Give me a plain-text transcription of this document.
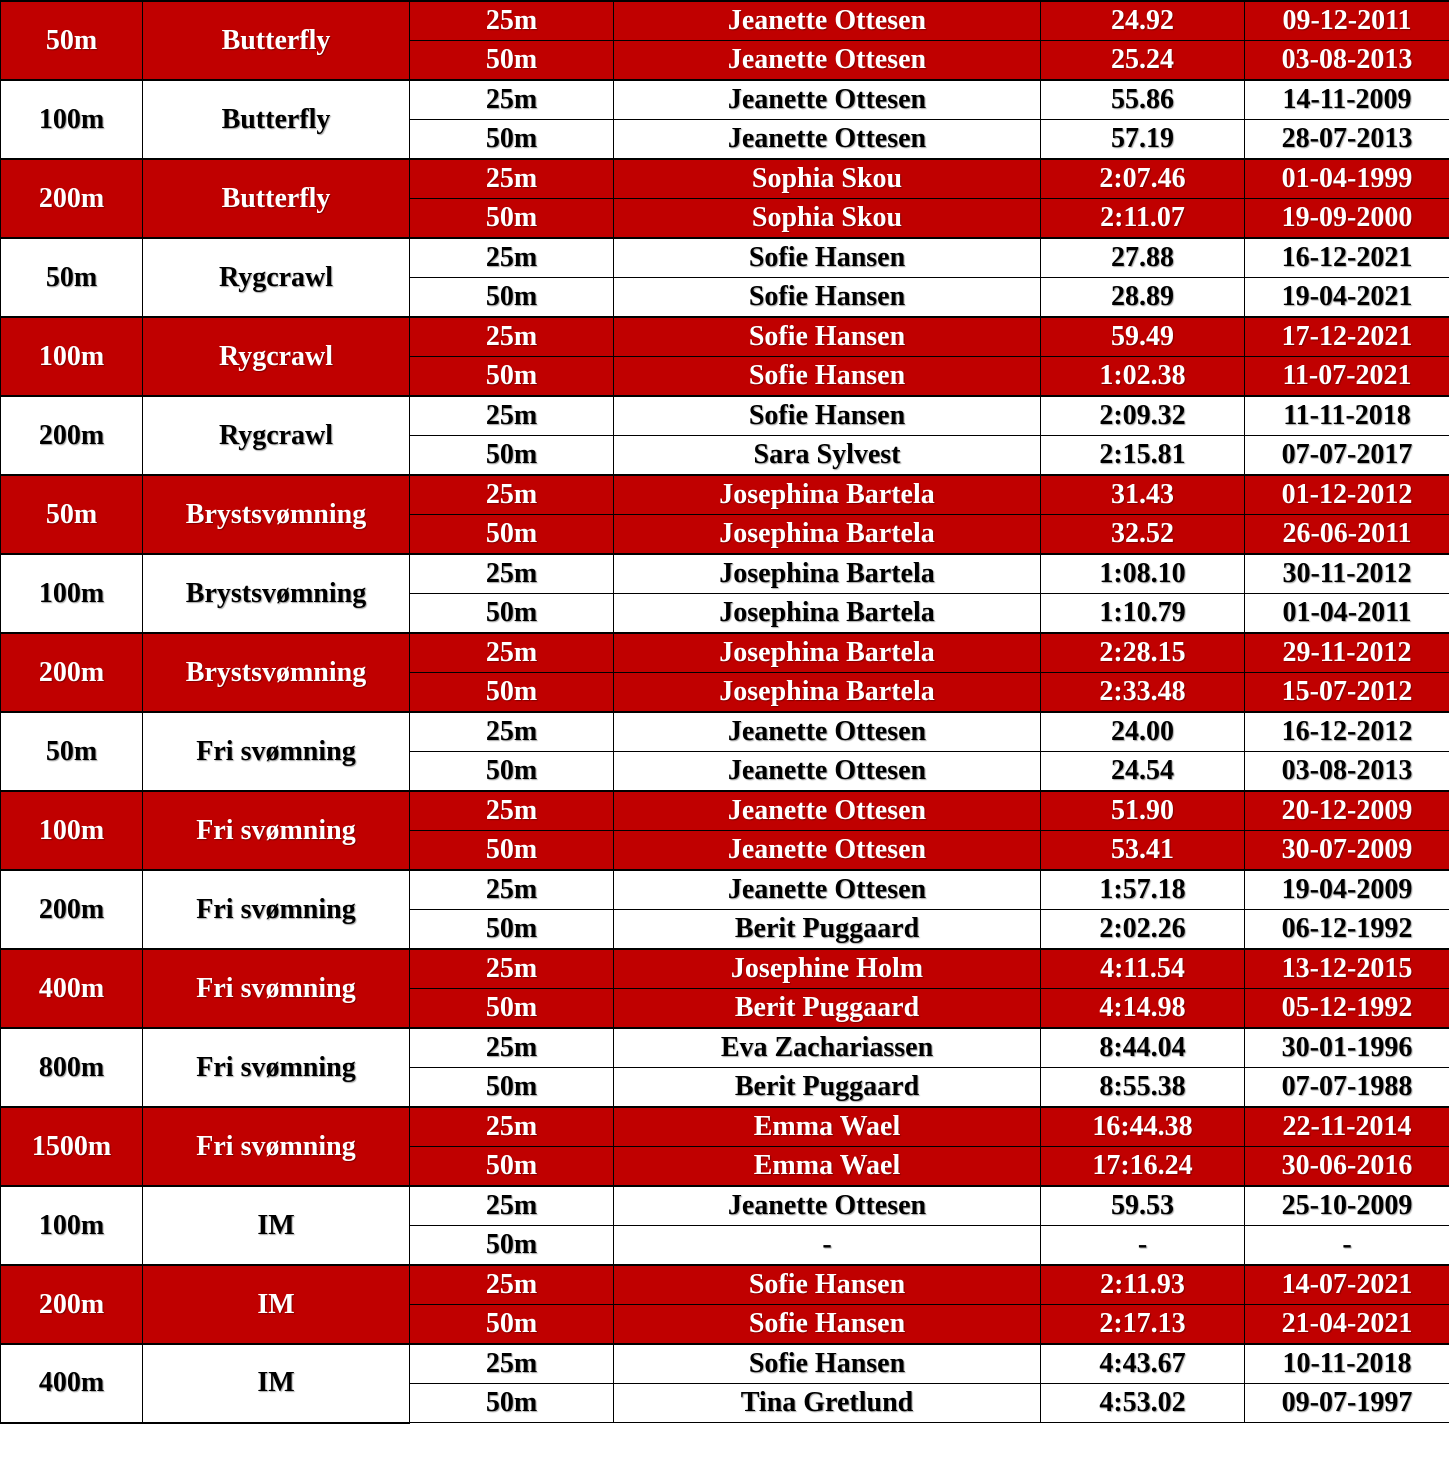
50m	Butterfly	25m	Jeanette Ottesen	24.92	09-12-2011
		50m	Jeanette Ottesen	25.24	03-08-2013
100m	Butterfly	25m	Jeanette Ottesen	55.86	14-11-2009
		50m	Jeanette Ottesen	57.19	28-07-2013
200m	Butterfly	25m	Sophia Skou	2:07.46	01-04-1999
		50m	Sophia Skou	2:11.07	19-09-2000
50m	Rygcrawl	25m	Sofie Hansen	27.88	16-12-2021
		50m	Sofie Hansen	28.89	19-04-2021
100m	Rygcrawl	25m	Sofie Hansen	59.49	17-12-2021
		50m	Sofie Hansen	1:02.38	11-07-2021
200m	Rygcrawl	25m	Sofie Hansen	2:09.32	11-11-2018
		50m	Sara Sylvest	2:15.81	07-07-2017
50m	Brystsvømning	25m	Josephina Bartela	31.43	01-12-2012
		50m	Josephina Bartela	32.52	26-06-2011
100m	Brystsvømning	25m	Josephina Bartela	1:08.10	30-11-2012
		50m	Josephina Bartela	1:10.79	01-04-2011
200m	Brystsvømning	25m	Josephina Bartela	2:28.15	29-11-2012
		50m	Josephina Bartela	2:33.48	15-07-2012
50m	Fri svømning	25m	Jeanette Ottesen	24.00	16-12-2012
		50m	Jeanette Ottesen	24.54	03-08-2013
100m	Fri svømning	25m	Jeanette Ottesen	51.90	20-12-2009
		50m	Jeanette Ottesen	53.41	30-07-2009
200m	Fri svømning	25m	Jeanette Ottesen	1:57.18	19-04-2009
		50m	Berit Puggaard	2:02.26	06-12-1992
400m	Fri svømning	25m	Josephine Holm	4:11.54	13-12-2015
		50m	Berit Puggaard	4:14.98	05-12-1992
800m	Fri svømning	25m	Eva Zachariassen	8:44.04	30-01-1996
		50m	Berit Puggaard	8:55.38	07-07-1988
1500m	Fri svømning	25m	Emma Wael	16:44.38	22-11-2014
		50m	Emma Wael	17:16.24	30-06-2016
100m	IM	25m	Jeanette Ottesen	59.53	25-10-2009
		50m	-	-	-
200m	IM	25m	Sofie Hansen	2:11.93	14-07-2021
		50m	Sofie Hansen	2:17.13	21-04-2021
400m	IM	25m	Sofie Hansen	4:43.67	10-11-2018
		50m	Tina Gretlund	4:53.02	09-07-1997
